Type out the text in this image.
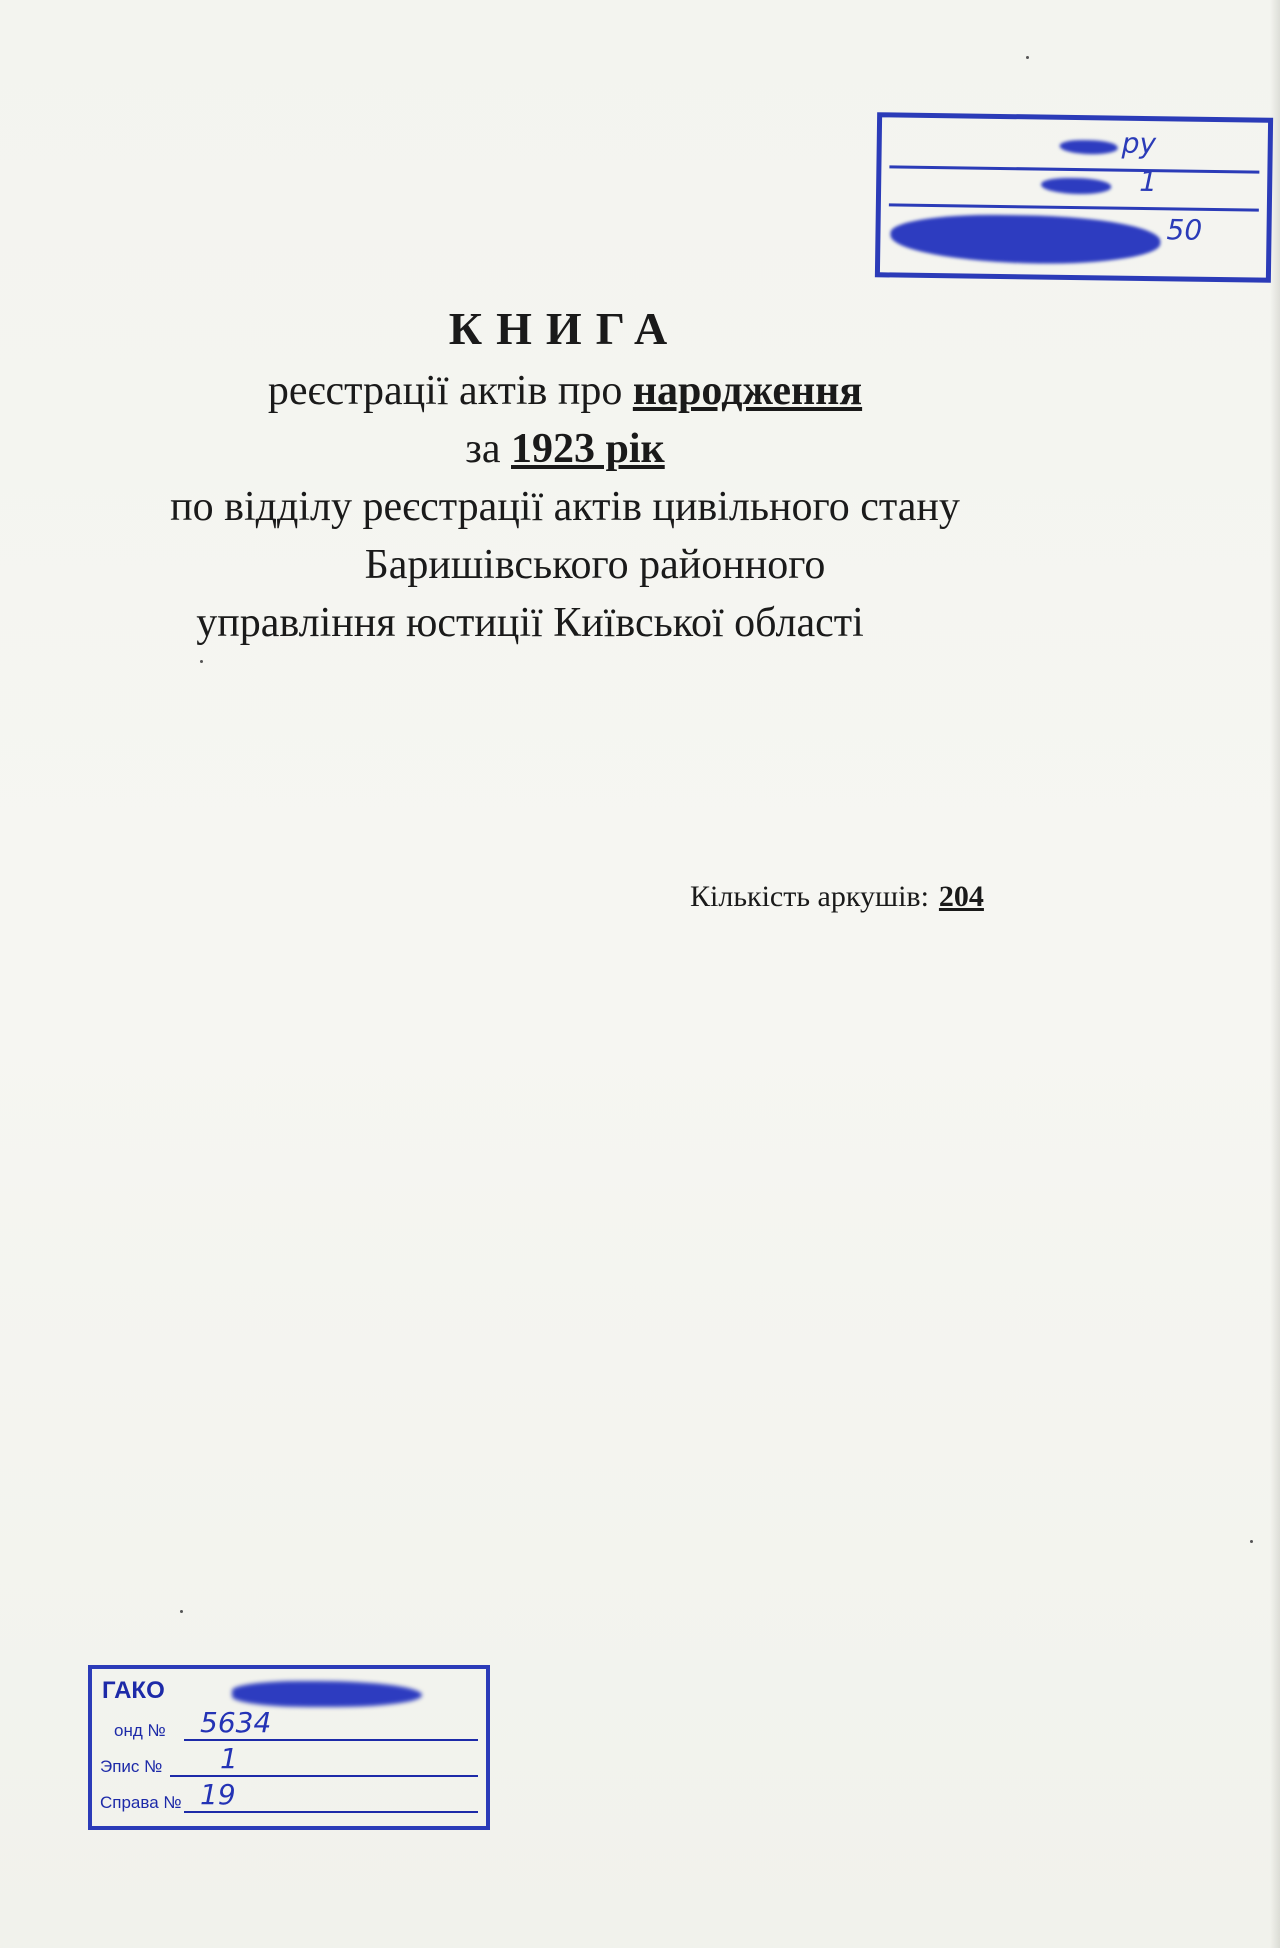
ру
1
50
КНИГА
реєстрації актів про народження
за 1923 рік
по відділу реєстрації актів цивільного стану
Баришівського районного
управління юстиції Київської області
Кількість аркушів: 204
ГАКО
онд № 5634
Эпис № 1
Справа № 19
